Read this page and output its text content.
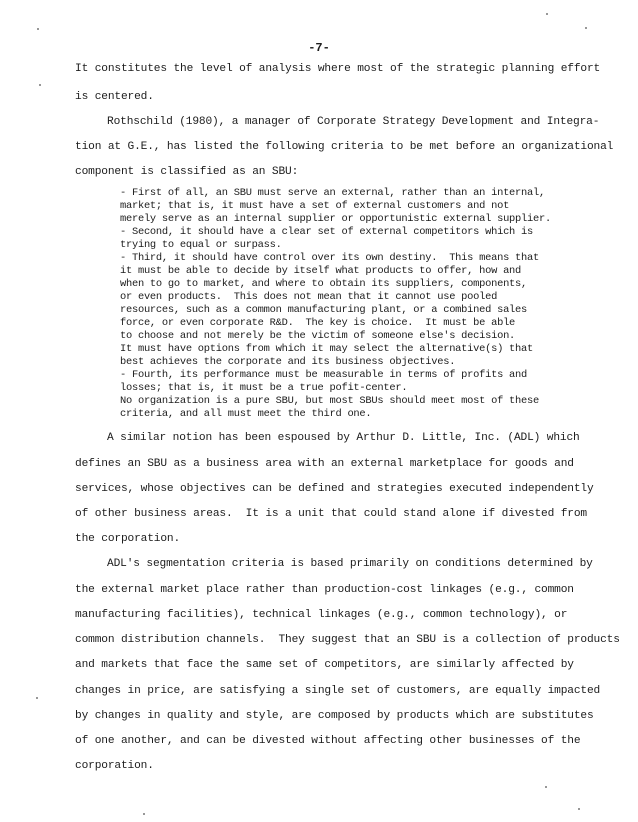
-7-
It constitutes the level of analysis where most of the strategic planning effort
is centered.
Rothschild (1980), a manager of Corporate Strategy Development and Integra-
tion at G.E., has listed the following criteria to be met before an organizational
component is classified as an SBU:
- First of all, an SBU must serve an external, rather than an internal,
market; that is, it must have a set of external customers and not
merely serve as an internal supplier or opportunistic external supplier.
- Second, it should have a clear set of external competitors which is
trying to equal or surpass.
- Third, it should have control over its own destiny.  This means that
it must be able to decide by itself what products to offer, how and
when to go to market, and where to obtain its suppliers, components,
or even products.  This does not mean that it cannot use pooled
resources, such as a common manufacturing plant, or a combined sales
force, or even corporate R&D.  The key is choice.  It must be able
to choose and not merely be the victim of someone else's decision.
It must have options from which it may select the alternative(s) that
best achieves the corporate and its business objectives.
- Fourth, its performance must be measurable in terms of profits and
losses; that is, it must be a true pofit-center.
No organization is a pure SBU, but most SBUs should meet most of these
criteria, and all must meet the third one.
A similar notion has been espoused by Arthur D. Little, Inc. (ADL) which
defines an SBU as a business area with an external marketplace for goods and
services, whose objectives can be defined and strategies executed independently
of other business areas.  It is a unit that could stand alone if divested from
the corporation.
ADL's segmentation criteria is based primarily on conditions determined by
the external market place rather than production-cost linkages (e.g., common
manufacturing facilities), technical linkages (e.g., common technology), or
common distribution channels.  They suggest that an SBU is a collection of products
and markets that face the same set of competitors, are similarly affected by
changes in price, are satisfying a single set of customers, are equally impacted
by changes in quality and style, are composed by products which are substitutes
of one another, and can be divested without affecting other businesses of the
corporation.
